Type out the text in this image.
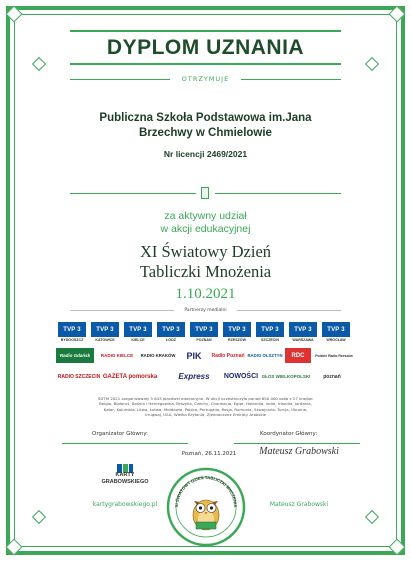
DYPLOM UZNANIA
OTRZYMUJE
Publiczna Szkoła Podstawowa im.Jana
Brzechwy w Chmielowie
Nr licencji 2469/2021
za aktywny udział
w akcji edukacyjnej
XI Światowy Dzień
Tabliczki Mnożenia
1.10.2021
Partnerzy medialni
TVP 3
BYDGOSZCZ
TVP 3
KATOWICE
TVP 3
KIELCE
TVP 3
ŁÓDŹ
TVP 3
POZNAŃ
TVP 3
RZESZÓW
TVP 3
SZCZECIN
TVP 3
WARSZAWA
TVP 3
WROCŁAW
Radio Gdańsk	RADIO KIELCE	RADIO KRAKÓW	PIK	Radio Poznań RADIO OLSZTYN	RDC	Polskie Radio Rzeszów
RADIO SZCZECIN GAZETA pomorska	Express	NOWOŚCI GŁOS WIELKOPOLSKI	poznań
SDTM 2021 zorganizowały 5 643 placówki edukacyjne. W akcji uczestniczyło ponad 650 000 osób z 27 krajów: Belgia, Białoruś, Bośnia i Hercegowina, Brazylia, Czechy, Chorwacja, Egipt, Holandia, Indie, Irlandia, Jordania, Katar, Kolumbia, Litwa, Łotwa, Mołdawia, Polska, Portugalia, Rosja, Rumunia, Szwajcaria, Turcja, Ukraina, Urugwaj, USA, Wielka Brytania, Zjednoczone Emiraty Arabskie
Organizator Główny:
KARTY
GRABOWSKIEGO
kartygrabowskiego.pl
Poznań, 26.11.2021
Koordynator Główny:
Mateusz Grabowski
Mateusz Grabowski
XI ŚWIATOWY DZIEŃ TABLICZKI MNOŻENIA
